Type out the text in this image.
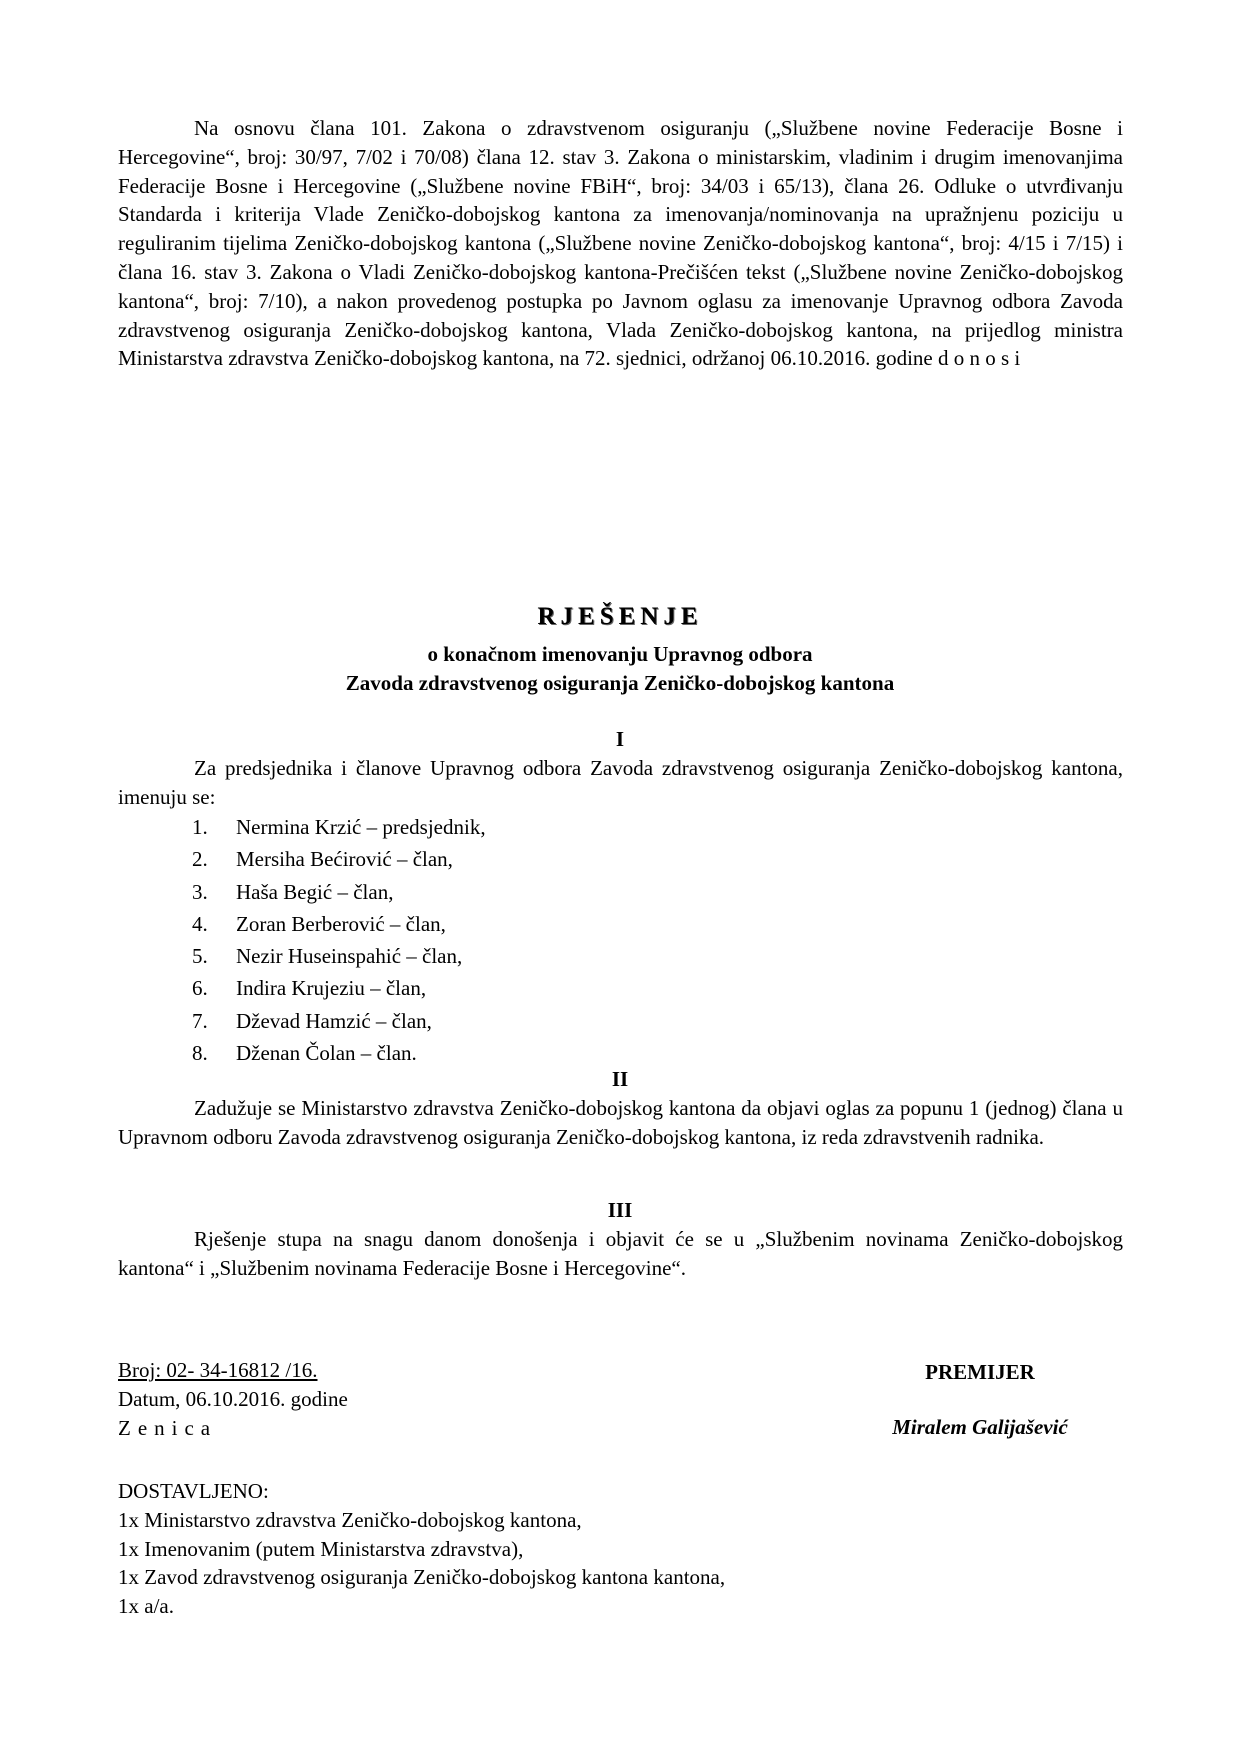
Na osnovu člana 101. Zakona o zdravstvenom osiguranju („Službene novine Federacije Bosne i Hercegovine“, broj: 30/97, 7/02 i 70/08) člana 12. stav 3. Zakona o ministarskim, vladinim i drugim imenovanjima Federacije Bosne i Hercegovine („Službene novine FBiH“, broj: 34/03 i 65/13), člana 26. Odluke o utvrđivanju Standarda i kriterija Vlade Zeničko-dobojskog kantona za imenovanja/nominovanja na upražnjenu poziciju u reguliranim tijelima Zeničko-dobojskog kantona („Službene novine Zeničko-dobojskog kantona“, broj: 4/15 i 7/15) i člana 16. stav 3. Zakona o Vladi Zeničko-dobojskog kantona-Prečišćen tekst („Službene novine Zeničko-dobojskog kantona“, broj: 7/10), a nakon provedenog postupka po Javnom oglasu za imenovanje Upravnog odbora Zavoda zdravstvenog osiguranja Zeničko-dobojskog kantona, Vlada Zeničko-dobojskog kantona, na prijedlog ministra Ministarstva zdravstva Zeničko-dobojskog kantona, na 72. sjednici, održanoj 06.10.2016. godine d o n o s i

RJEŠENJE
o konačnom imenovanju Upravnog odbora
Zavoda zdravstvenog osiguranja Zeničko-dobojskog kantona
I

Za predsjednika i članove Upravnog odbora Zavoda zdravstvenog osiguranja Zeničko-dobojskog kantona, imenuju se:

1. Nermina Krzić – predsjednik,
2. Mersiha Bećirović – član,
3. Haša Begić – član,
4. Zoran Berberović – član,
5. Nezir Huseinspahić – član,
6. Indira Krujeziu – član,
7. Dževad Hamzić – član,
8. Dženan Čolan – član.
II

Zadužuje se Ministarstvo zdravstva Zeničko-dobojskog kantona da objavi oglas za popunu 1 (jednog) člana u Upravnom odboru Zavoda zdravstvenog osiguranja Zeničko-dobojskog kantona, iz reda zdravstvenih radnika.

III

Rješenje stupa na snagu danom donošenja i objavit će se u „Službenim novinama Zeničko-dobojskog kantona“ i „Službenim novinama Federacije Bosne i Hercegovine“.

Broj: 02- 34-16812 /16.
Datum, 06.10.2016. godine
Zenica
PREMIJER
Miralem Galijašević
DOSTAVLJENO:
1x Ministarstvo zdravstva Zeničko-dobojskog kantona,
1x Imenovanim (putem Ministarstva zdravstva),
1x Zavod zdravstvenog osiguranja Zeničko-dobojskog kantona kantona,
1x a/a.
